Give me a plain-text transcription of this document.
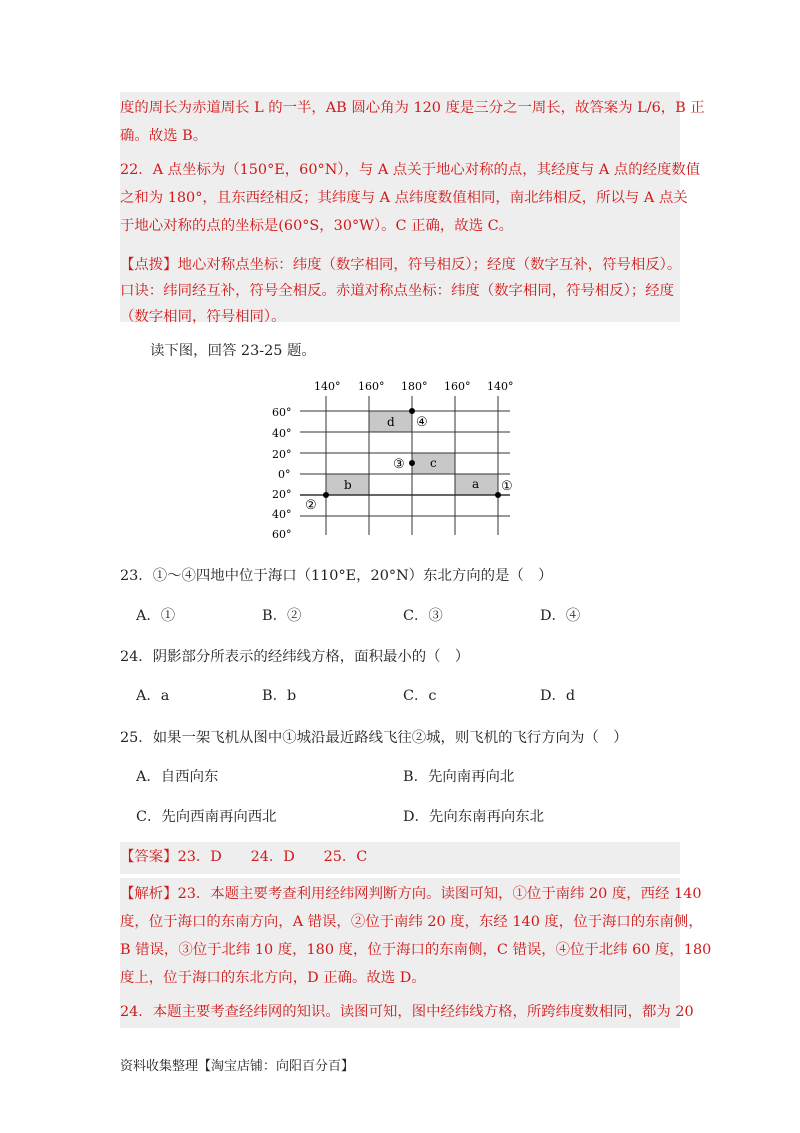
度的周长为赤道周长 L 的一半，AB 圆心角为 120 度是三分之一周长，故答案为 L/6，B 正

确。故选 B。

22．A 点坐标为（150°E，60°N），与 A 点关于地心对称的点，其经度与 A 点的经度数值

之和为 180°，且东西经相反；其纬度与 A 点纬度数值相同，南北纬相反，所以与 A 点关

于地心对称的点的坐标是(60°S，30°W）。C 正确，故选 C。

【点拨】地心对称点坐标：纬度（数字相同，符号相反）；经度（数字互补，符号相反）。

口诀：纬同经互补，符号全相反。赤道对称点坐标：纬度（数字相同，符号相反）；经度

（数字相同，符号相同）。

读下图，回答 23-25 题。
140° 160° 180° 160° 140°
60°
40°
20°
0°
20°
40°
60°
d
c
b	a
④
③
②
①
23．①～④四地中位于海口（110°E，20°N）东北方向的是（　）
A．①	B．②	C．③	D．④
24．阴影部分所表示的经纬线方格，面积最小的（　）
A．a	B．b	C．c	D．d
25．如果一架飞机从图中①城沿最近路线飞往②城，则飞机的飞行方向为（　）
A．自西向东	B．先向南再向北
C．先向西南再向西北	D．先向东南再向东北

【答案】23．D　　24．D　　25．C

【解析】23．本题主要考查利用经纬网判断方向。读图可知，①位于南纬 20 度，西经 140

度，位于海口的东南方向，A 错误，②位于南纬 20 度，东经 140 度，位于海口的东南侧，

B 错误，③位于北纬 10 度，180 度，位于海口的东南侧，C 错误，④位于北纬 60 度，180

度上，位于海口的东北方向，D 正确。故选 D。

24．本题主要考查经纬网的知识。读图可知，图中经纬线方格，所跨纬度数相同，都为 20

资料收集整理【淘宝店铺：向阳百分百】
